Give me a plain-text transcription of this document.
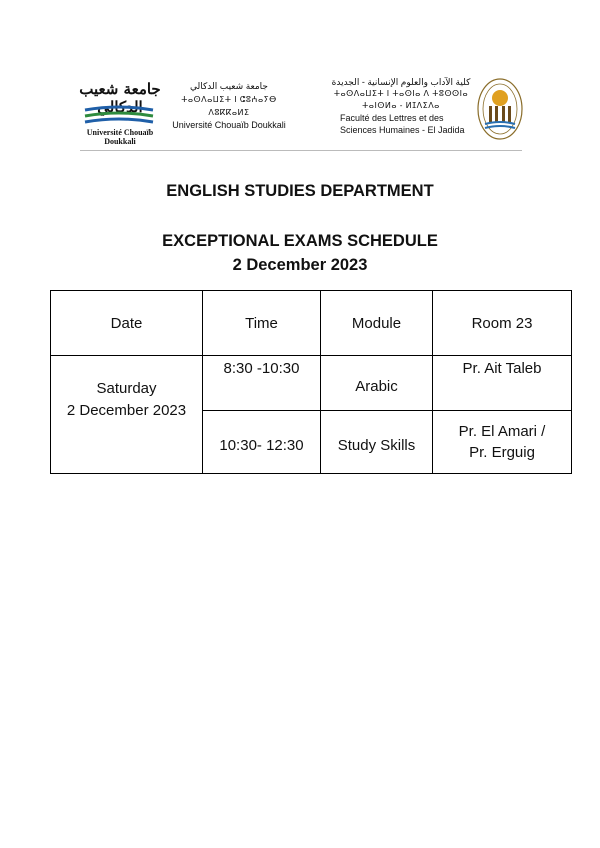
جامعة شعيب الدكالي
Université Chouaïb Doukkali
جامعة شعيب الدكالي
ⵜⴰⵙⴷⴰⵡⵉⵜ ⵏ ⵛⵓⵄⴰⵢⴱ ⴷⵓⴽⴽⴰⵍⵉ
Université Chouaïb Doukkali
كلية الآداب والعلوم الإنسانية - الجديدة
ⵜⴰⵙⴷⴰⵡⵉⵜ ⵏ ⵜⴰⵙⵏⴰ ⴷ ⵜⵓⵙⵙⵏⴰ
ⵜⴰⵏⵙⵍⴰ - ⵍⵊⴷⵉⴷⴰ
Faculté des Lettres et des
Sciences Humaines - El Jadida
ENGLISH STUDIES DEPARTMENT
EXCEPTIONAL EXAMS SCHEDULE
2 December 2023
Date	Time	Module	Room 23

Saturday
2 December 2023	8:30 -10:30	Arabic	Pr. Ait Taleb

	10:30- 12:30	Study Skills	Pr. El Amari /
Pr. Erguig
